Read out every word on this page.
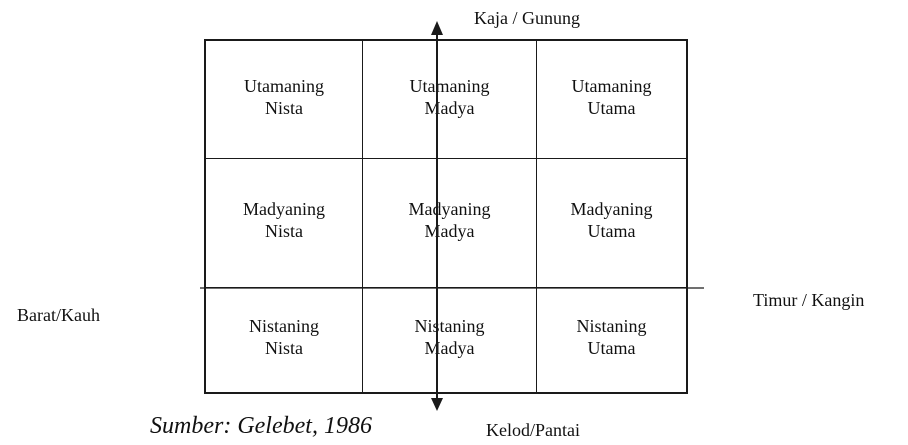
Kaja / Gunung
Barat/Kauh
Timur / Kangin
Kelod/Pantai
Utamaning
Nista
Utamaning
Madya
Utamaning
Utama
Madyaning
Nista
Madyaning
Madya
Madyaning
Utama
Nistaning
Nista
Nistaning
Madya
Nistaning
Utama
Sumber: Gelebet, 1986
